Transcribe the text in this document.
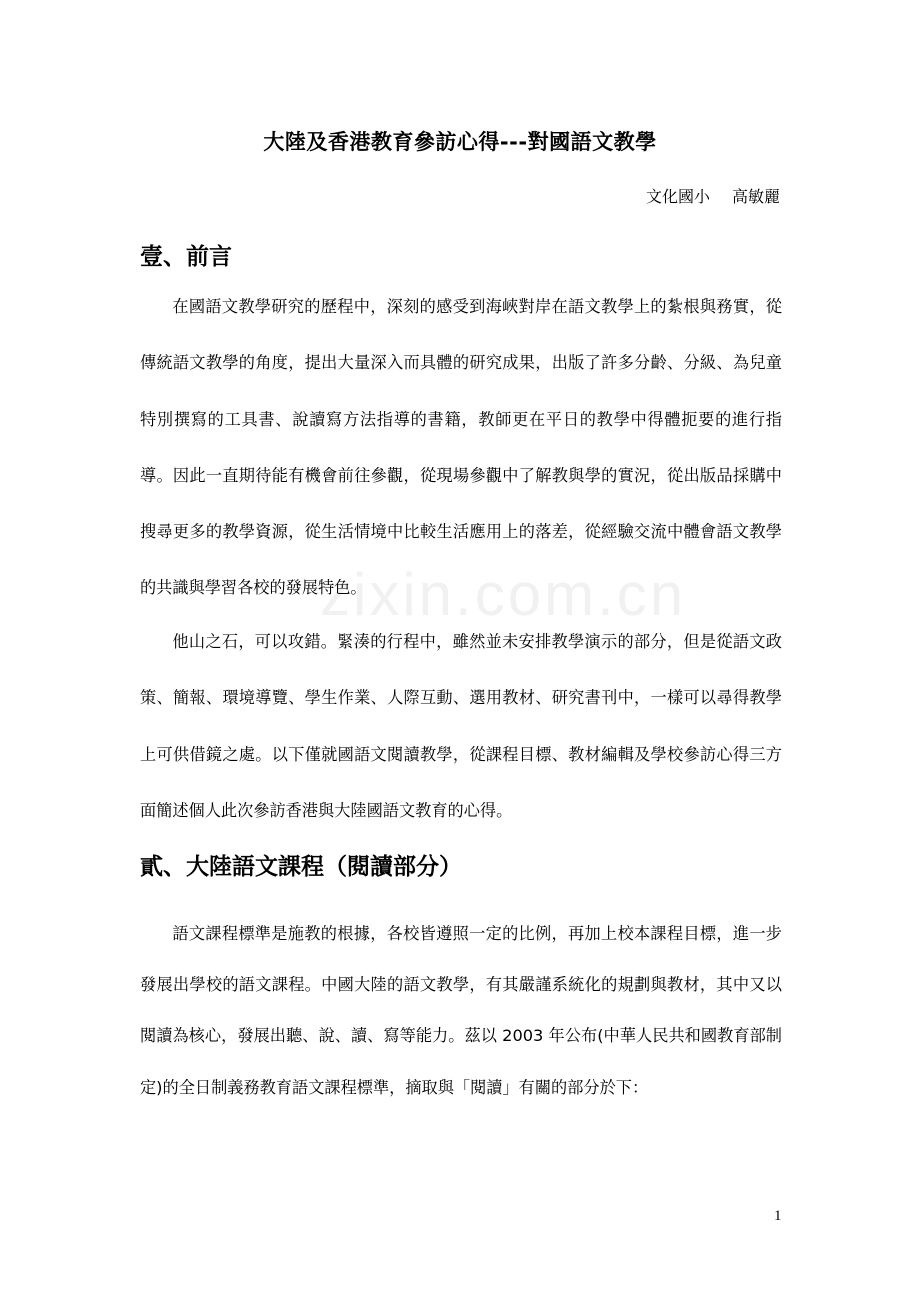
zixin.com.cn
大陸及香港教育參訪心得---對國語文教學
文化國小 高敏麗
壹、前言

在國語文教學研究的歷程中，深刻的感受到海峽對岸在語文教學上的紮根與務實，從傳統語文教學的角度，提出大量深入而具體的研究成果，出版了許多分齡、分級、為兒童特別撰寫的工具書、說讀寫方法指導的書籍，教師更在平日的教學中得體扼要的進行指導。因此一直期待能有機會前往參觀，從現場參觀中了解教與學的實況，從出版品採購中搜尋更多的教學資源，從生活情境中比較生活應用上的落差，從經驗交流中體會語文教學的共識與學習各校的發展特色。

他山之石，可以攻錯。緊湊的行程中，雖然並未安排教學演示的部分，但是從語文政策、簡報、環境導覽、學生作業、人際互動、選用教材、研究書刊中，一樣可以尋得教學上可供借鏡之處。以下僅就國語文閱讀教學，從課程目標、教材編輯及學校參訪心得三方面簡述個人此次參訪香港與大陸國語文教育的心得。

貳、大陸語文課程（閱讀部分）

語文課程標準是施教的根據，各校皆遵照一定的比例，再加上校本課程目標，進一步發展出學校的語文課程。中國大陸的語文教學，有其嚴謹系統化的規劃與教材，其中又以閱讀為核心，發展出聽、說、讀、寫等能力。茲以 2003 年公布(中華人民共和國教育部制定)的全日制義務教育語文課程標準，摘取與「閱讀」有關的部分於下：

1
